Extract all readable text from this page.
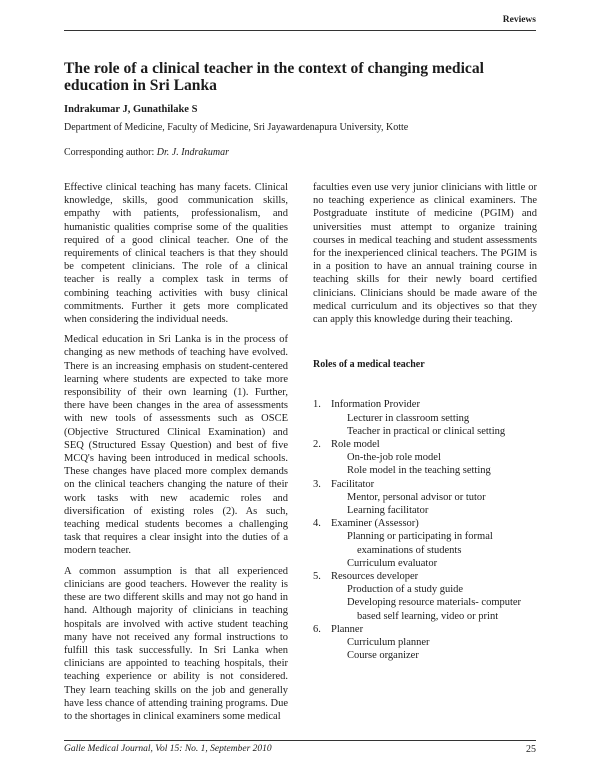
Reviews
The role of a clinical teacher in the context of changing medical education in Sri Lanka
Indrakumar J, Gunathilake S
Department of Medicine, Faculty of Medicine, Sri Jayawardenapura University, Kotte
Corresponding author: Dr. J. Indrakumar

Effective clinical teaching has many facets. Clinical knowledge, skills, good communication skills, empathy with patients, professionalism, and humanistic qualities comprise some of the qualities required of a good clinical teacher. One of the requirements of clinical teachers is that they should be competent clinicians. The role of a clinical teacher is really a complex task in terms of combining teaching activities with busy clinical commitments. Further it gets more complicated when considering the individual needs.

Medical education in Sri Lanka is in the process of changing as new methods of teaching have evolved. There is an increasing emphasis on student-centered learning where students are expected to take more responsibility of their own learning (1). Further, there have been changes in the area of assessments with new tools of assessments such as OSCE (Objective Structured Clinical Examination) and SEQ (Structured Essay Question) and best of five MCQ's having been introduced in medical schools. These changes have placed more complex demands on the clinical teachers changing the nature of their work tasks with new academic roles and diversification of existing roles (2). As such, teaching medical students becomes a challenging task that requires a clear insight into the duties of a modern teacher.

A common assumption is that all experienced clinicians are good teachers. However the reality is these are two different skills and may not go hand in hand. Although majority of clinicians in teaching hospitals are involved with active student teaching many have not received any formal instructions to fulfill this task successfully. In Sri Lanka when clinicians are appointed to teaching hospitals, their teaching experience or ability is not considered. They learn teaching skills on the job and generally have less chance of attending training programs. Due to the shortages in clinical examiners some medical

faculties even use very junior clinicians with little or no teaching experience as clinical examiners. The Postgraduate institute of medicine (PGIM) and universities must attempt to organize training courses in medical teaching and student assessments for the inexperienced clinical teachers. The PGIM is in a position to have an annual training course in teaching skills for their newly board certified clinicians. Clinicians should be made aware of the medical curriculum and its objectives so that they can apply this knowledge during their teaching.

Roles of a medical teacher

1. Information Provider
Lecturer in classroom setting
Teacher in practical or clinical setting
2. Role model
On-the-job role model
Role model in the teaching setting
3. Facilitator
Mentor, personal advisor or tutor
Learning facilitator
4. Examiner (Assessor)
Planning or participating in formal
examinations of students
Curriculum evaluator
5. Resources developer
Production of a study guide
Developing resource materials- computer
based self learning, video or print
6. Planner
Curriculum planner
Course organizer
Galle Medical Journal, Vol 15: No. 1, September 2010	25
